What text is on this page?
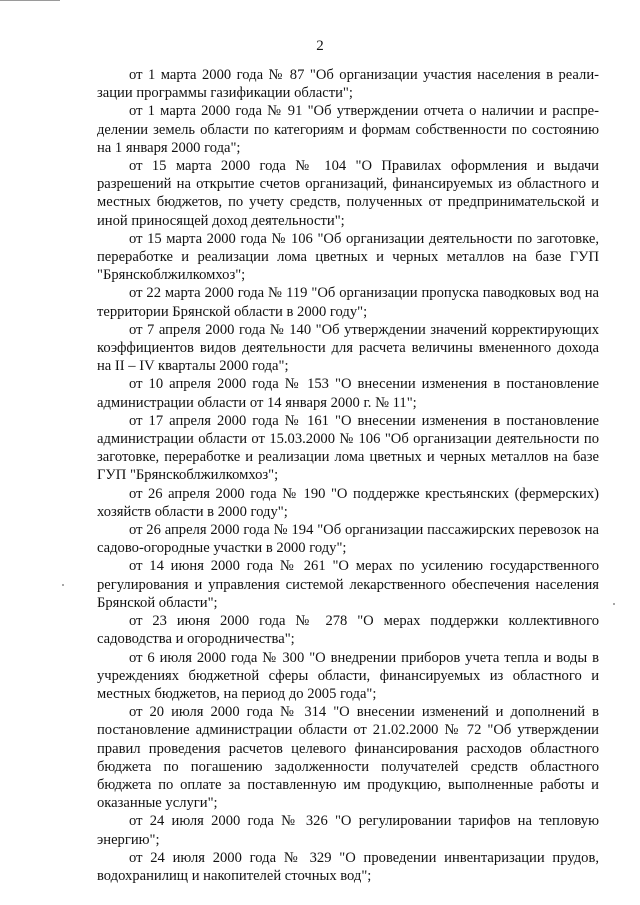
2

от 1 марта 2000 года № 87 "Об организации участия населения в реализации программы газификации области";

от 1 марта 2000 года № 91 "Об утверждении отчета о наличии и распределении земель области по категориям и формам собственности по состоянию на 1 января 2000 года";

от 15 марта 2000 года № 104 "О Правилах оформления и выдачи разрешений на открытие счетов организаций, финансируемых из областного и местных бюджетов, по учету средств, полученных от предпринимательской и иной приносящей доход деятельности";

от 15 марта 2000 года № 106 "Об организации деятельности по заготовке, переработке и реализации лома цветных и черных металлов на базе ГУП "Брянскоблжилкомхоз";

от 22 марта 2000 года № 119 "Об организации пропуска паводковых вод на территории Брянской области в 2000 году";

от 7 апреля 2000 года № 140 "Об утверждении значений корректирующих коэффициентов видов деятельности для расчета величины вмененного дохода на II – IV кварталы 2000 года";

от 10 апреля 2000 года № 153 "О внесении изменения в постановление администрации области от 14 января 2000 г. № 11";

от 17 апреля 2000 года № 161 "О внесении изменения в постановление администрации области от 15.03.2000 № 106 "Об организации деятельности по заготовке, переработке и реализации лома цветных и черных металлов на базе ГУП "Брянскоблжилкомхоз";

от 26 апреля 2000 года № 190 "О поддержке крестьянских (фермерских) хозяйств области в 2000 году";

от 26 апреля 2000 года № 194 "Об организации пассажирских перевозок на садово-огородные участки в 2000 году";

от 14 июня 2000 года № 261 "О мерах по усилению государственного регулирования и управления системой лекарственного обеспечения населения Брянской области";

от 23 июня 2000 года № 278 "О мерах поддержки коллективного садоводства и огородничества";

от 6 июля 2000 года № 300 "О внедрении приборов учета тепла и воды в учреждениях бюджетной сферы области, финансируемых из областного и местных бюджетов, на период до 2005 года";

от 20 июля 2000 года № 314 "О внесении изменений и дополнений в постановление администрации области от 21.02.2000 № 72 "Об утверждении правил проведения расчетов целевого финансирования расходов областного бюджета по погашению задолженности получателей средств областного бюджета по оплате за поставленную им продукцию, выполненные работы и оказанные услуги";

от 24 июля 2000 года № 326 "О регулировании тарифов на тепловую энергию";

от 24 июля 2000 года № 329 "О проведении инвентаризации прудов, водохранилищ и накопителей сточных вод";
